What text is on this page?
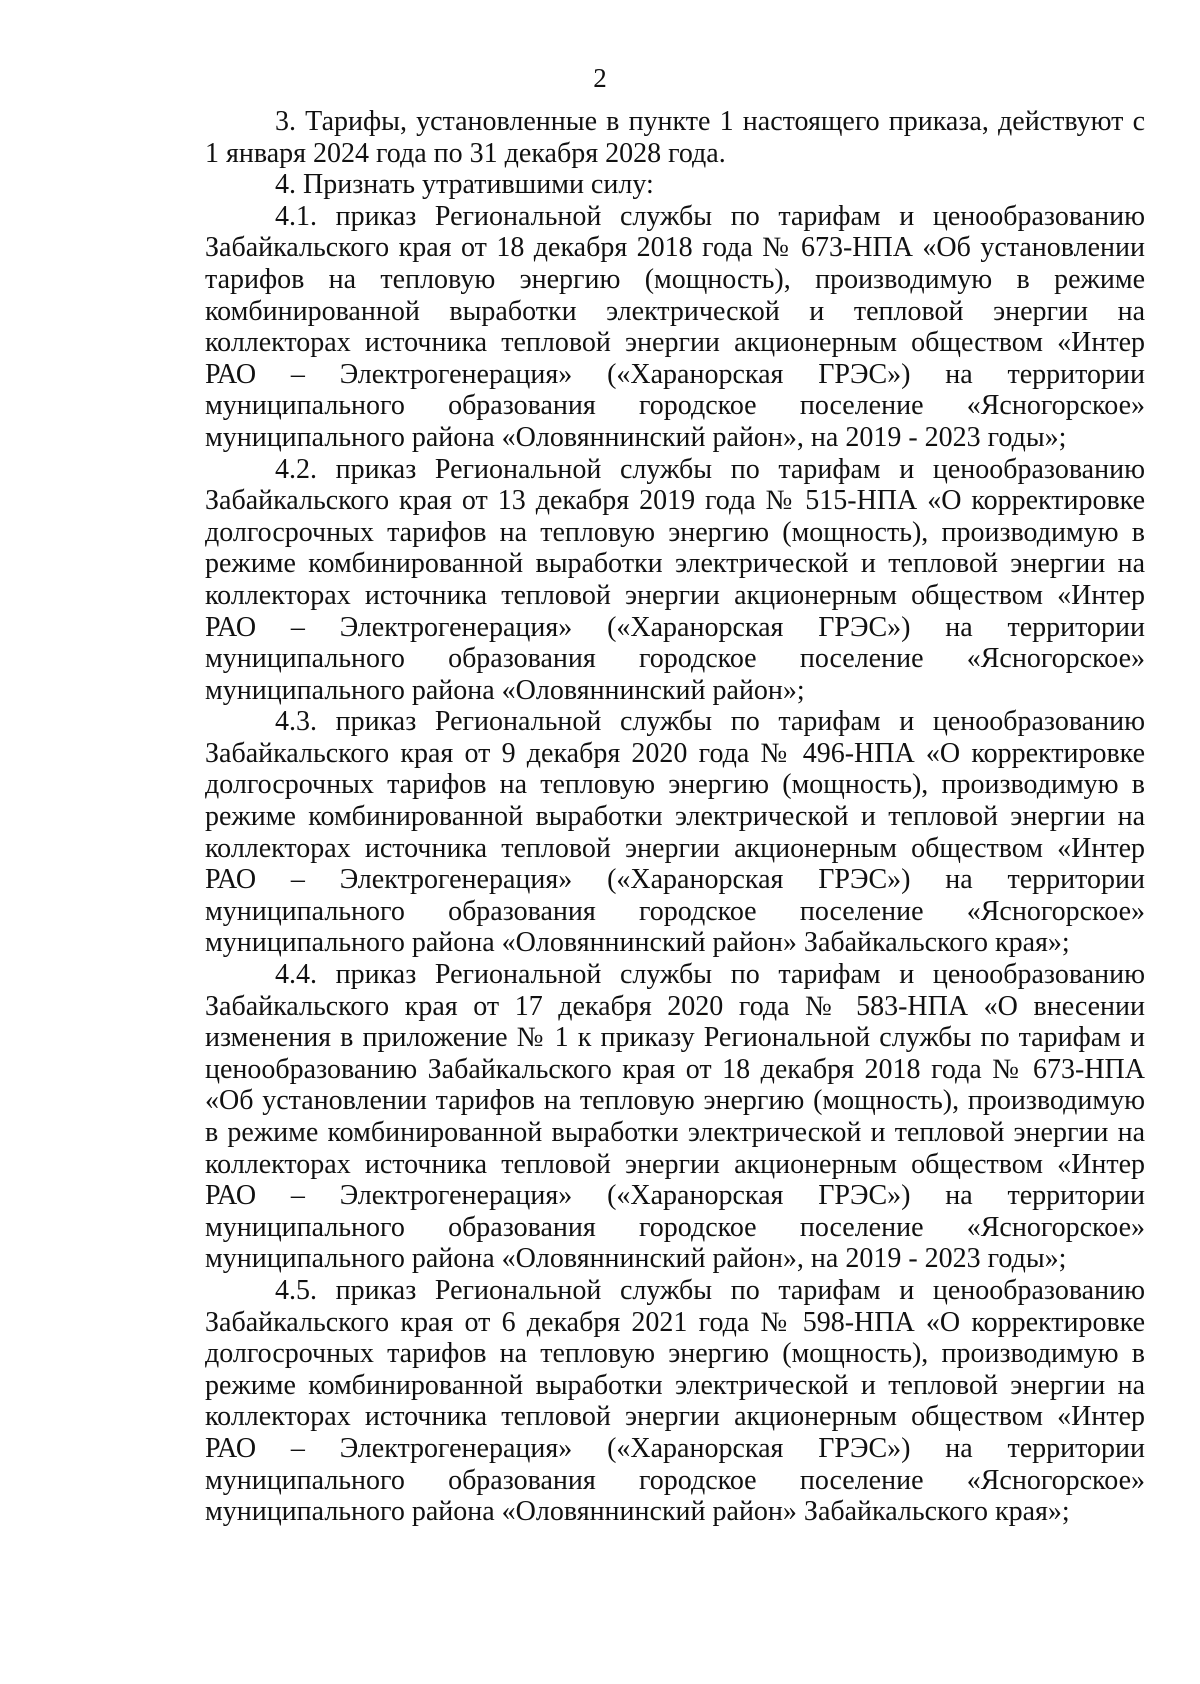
2

3. Тарифы, установленные в пункте 1 настоящего приказа, действуют с 1 января 2024 года по 31 декабря 2028 года.

4. Признать утратившими силу:

4.1. приказ Региональной службы по тарифам и ценообразованию Забайкальского края от 18 декабря 2018 года № 673-НПА «Об установлении тарифов на тепловую энергию (мощность), производимую в режиме комбинированной выработки электрической и тепловой энергии на коллекторах источника тепловой энергии акционерным обществом «Интер РАО – Электрогенерация» («Харанорская ГРЭС») на территории муниципального образования городское поселение «Ясногорское» муниципального района «Оловяннинский район», на 2019 - 2023 годы»;

4.2. приказ Региональной службы по тарифам и ценообразованию Забайкальского края от 13 декабря 2019 года № 515-НПА «О корректировке долгосрочных тарифов на тепловую энергию (мощность), производимую в режиме комбинированной выработки электрической и тепловой энергии на коллекторах источника тепловой энергии акционерным обществом «Интер РАО – Электрогенерация» («Харанорская ГРЭС») на территории муниципального образования городское поселение «Ясногорское» муниципального района «Оловяннинский район»;

4.3. приказ Региональной службы по тарифам и ценообразованию Забайкальского края от 9 декабря 2020 года № 496-НПА «О корректировке долгосрочных тарифов на тепловую энергию (мощность), производимую в режиме комбинированной выработки электрической и тепловой энергии на коллекторах источника тепловой энергии акционерным обществом «Интер РАО – Электрогенерация» («Харанорская ГРЭС») на территории муниципального образования городское поселение «Ясногорское» муниципального района «Оловяннинский район» Забайкальского края»;

4.4. приказ Региональной службы по тарифам и ценообразованию Забайкальского края от 17 декабря 2020 года № 583-НПА «О внесении изменения в приложение № 1 к приказу Региональной службы по тарифам и ценообразованию Забайкальского края от 18 декабря 2018 года № 673-НПА «Об установлении тарифов на тепловую энергию (мощность), производимую в режиме комбинированной выработки электрической и тепловой энергии на коллекторах источника тепловой энергии акционерным обществом «Интер РАО – Электрогенерация» («Харанорская ГРЭС») на территории муниципального образования городское поселение «Ясногорское» муниципального района «Оловяннинский район», на 2019 - 2023 годы»;

4.5. приказ Региональной службы по тарифам и ценообразованию Забайкальского края от 6 декабря 2021 года № 598-НПА «О корректировке долгосрочных тарифов на тепловую энергию (мощность), производимую в режиме комбинированной выработки электрической и тепловой энергии на коллекторах источника тепловой энергии акционерным обществом «Интер РАО – Электрогенерация» («Харанорская ГРЭС») на территории муниципального образования городское поселение «Ясногорское» муниципального района «Оловяннинский район» Забайкальского края»;
